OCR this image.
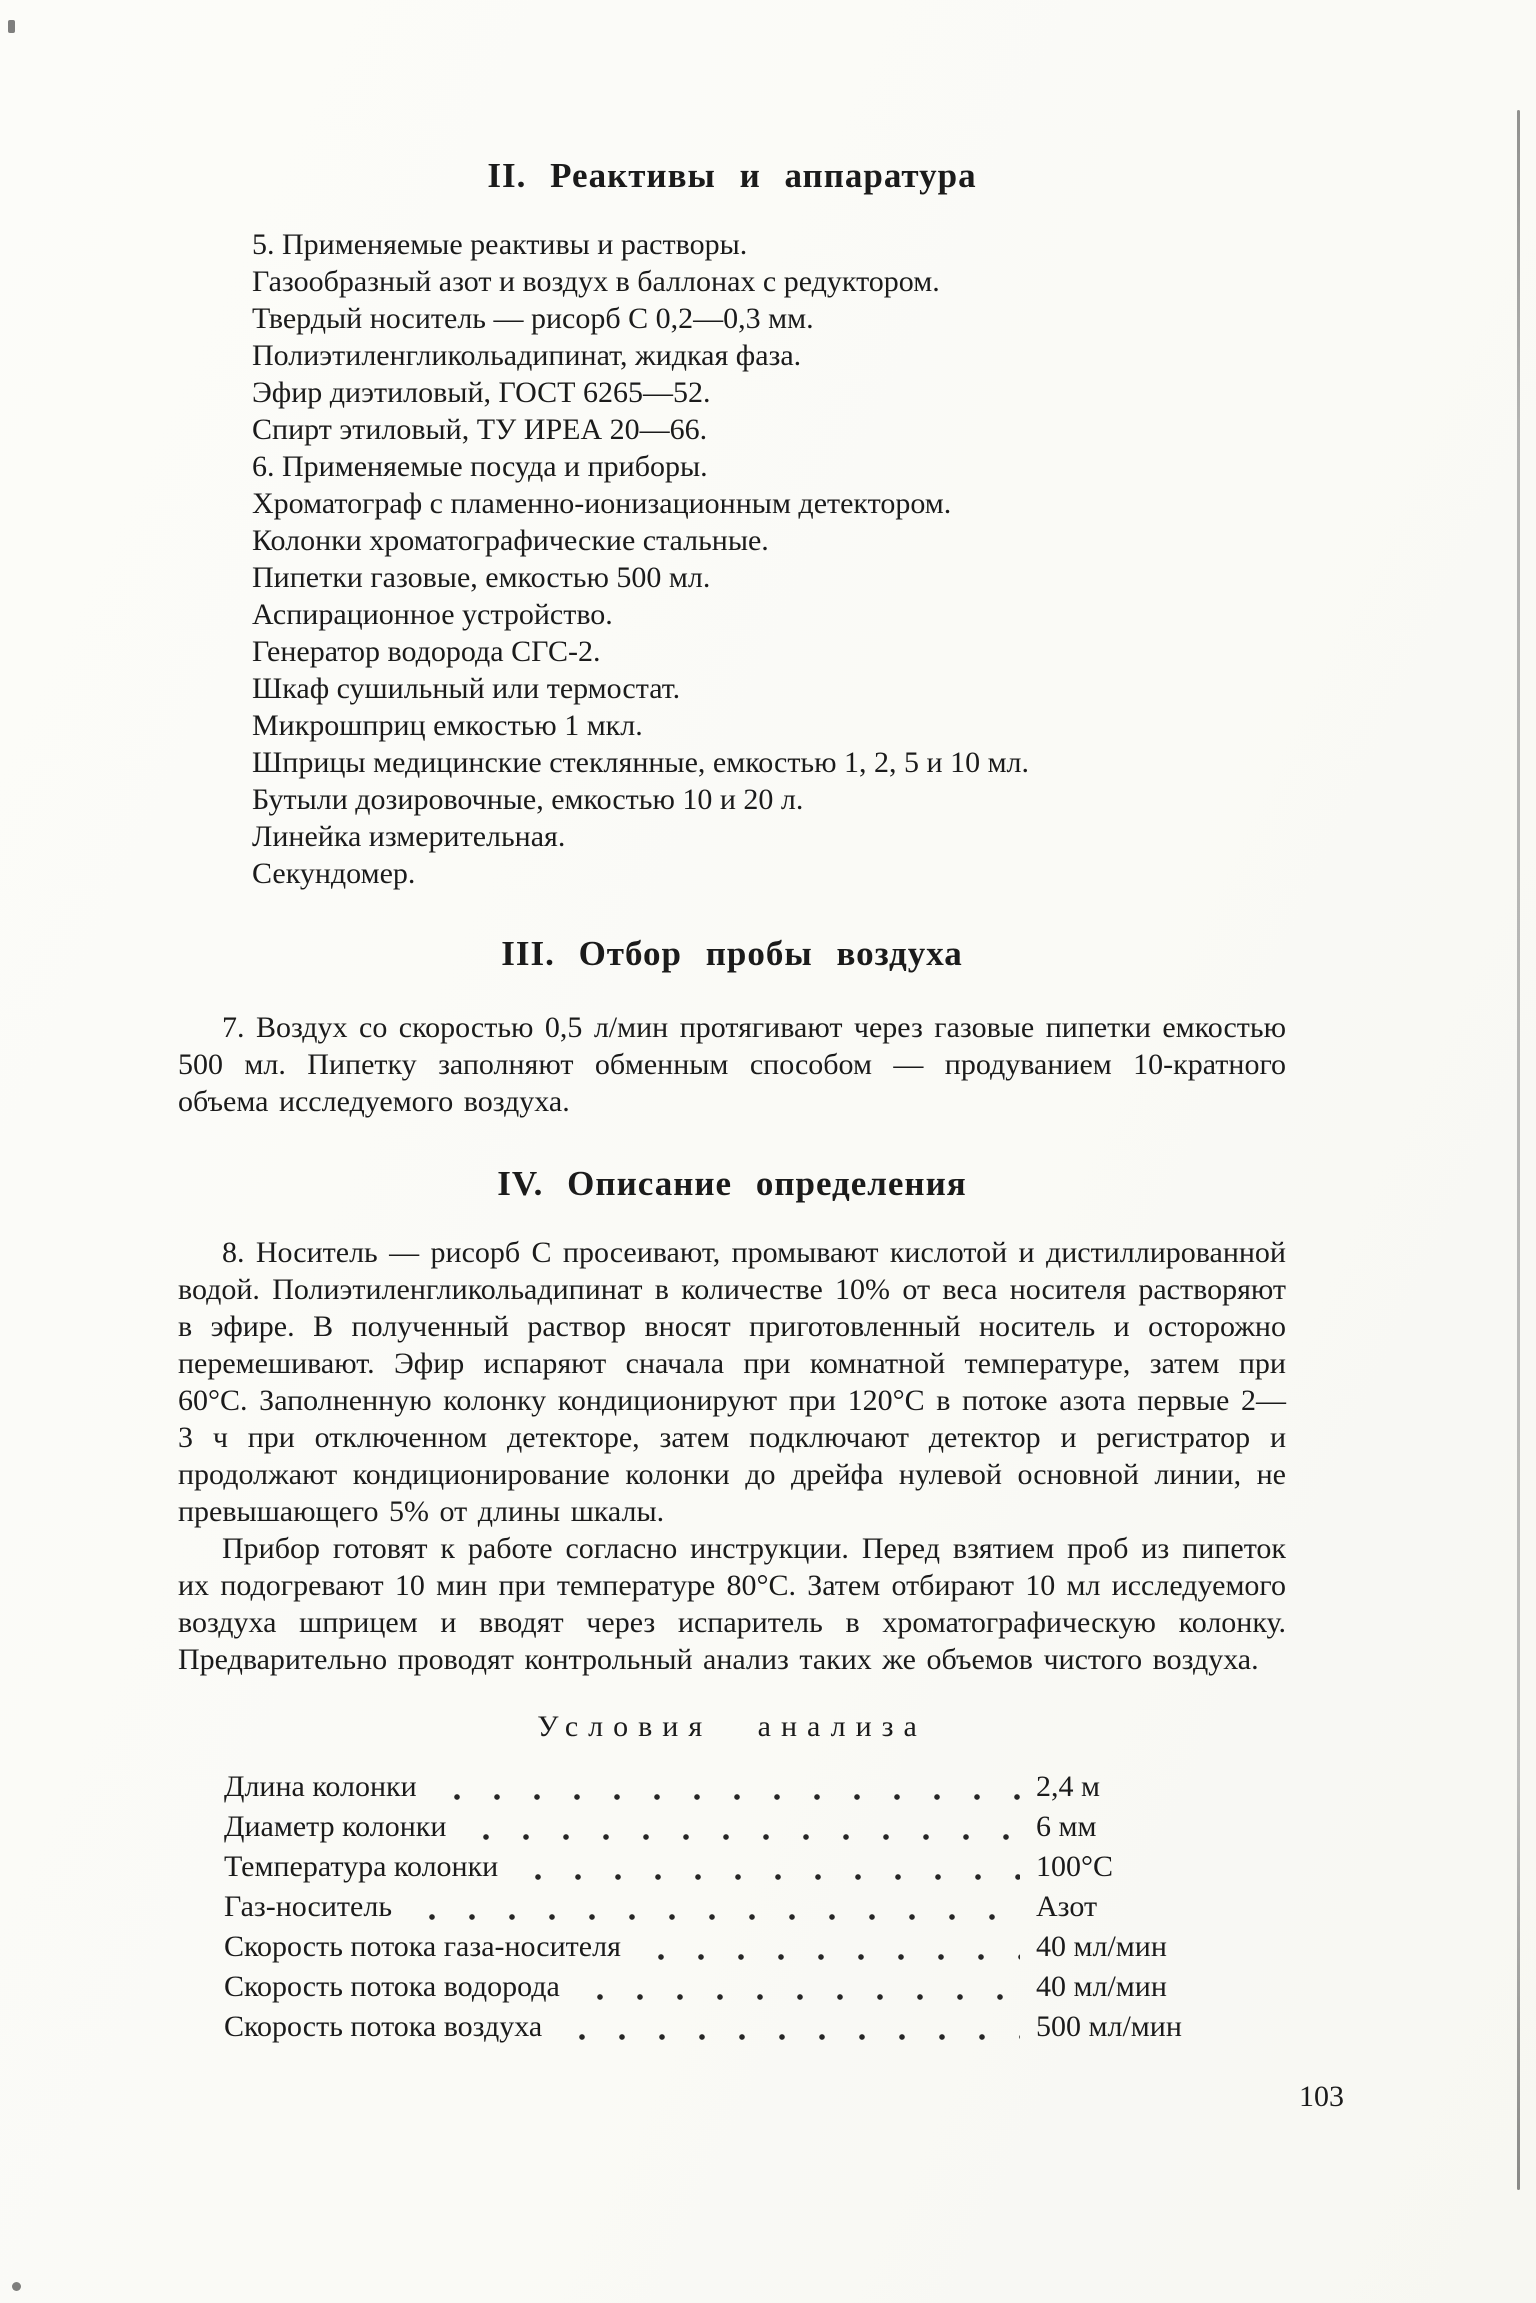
II. Реактивы и аппаратура

5. Применяемые реактивы и растворы.

Газообразный азот и воздух в баллонах с редуктором.

Твердый носитель — рисорб С 0,2—0,3 мм.

Полиэтиленгликольадипинат, жидкая фаза.

Эфир диэтиловый, ГОСТ 6265—52.

Спирт этиловый, ТУ ИРЕА 20—66.

6. Применяемые посуда и приборы.

Хроматограф с пламенно-ионизационным детектором.

Колонки хроматографические стальные.

Пипетки газовые, емкостью 500 мл.

Аспирационное устройство.

Генератор водорода СГС-2.

Шкаф сушильный или термостат.

Микрошприц емкостью 1 мкл.

Шприцы медицинские стеклянные, емкостью 1, 2, 5 и 10 мл.

Бутыли дозировочные, емкостью 10 и 20 л.

Линейка измерительная.

Секундомер.

III. Отбор пробы воздуха

7. Воздух со скоростью 0,5 л/мин протягивают через газовые пипетки емкостью 500 мл. Пипетку заполняют обменным способом — продуванием 10-кратного объема исследуемого воздуха.

IV. Описание определения

8. Носитель — рисорб С просеивают, промывают кислотой и дистиллированной водой. Полиэтиленгликольадипинат в количестве 10% от веса носителя растворяют в эфире. В полученный раствор вносят приготовленный носитель и осторожно перемешивают. Эфир испаряют сначала при комнатной температуре, затем при 60°С. Заполненную колонку кондиционируют при 120°С в потоке азота первые 2—3 ч при отключенном детекторе, затем подключают детектор и регистратор и продолжают кондиционирование колонки до дрейфа нулевой основной линии, не превышающего 5% от длины шкалы.

Прибор готовят к работе согласно инструкции. Перед взятием проб из пипеток их подогревают 10 мин при температуре 80°С. Затем отбирают 10 мл исследуемого воздуха шприцем и вводят через испаритель в хроматографическую колонку. Предварительно проводят контрольный анализ таких же объемов чистого воздуха.

Условия анализа
Длина колонки	2,4 м
Диаметр колонки	6 мм
Температура колонки	100°С
Газ-носитель	Азот
Скорость потока газа-носителя	40 мл/мин
Скорость потока водорода	40 мл/мин
Скорость потока воздуха	500 мл/мин
103
